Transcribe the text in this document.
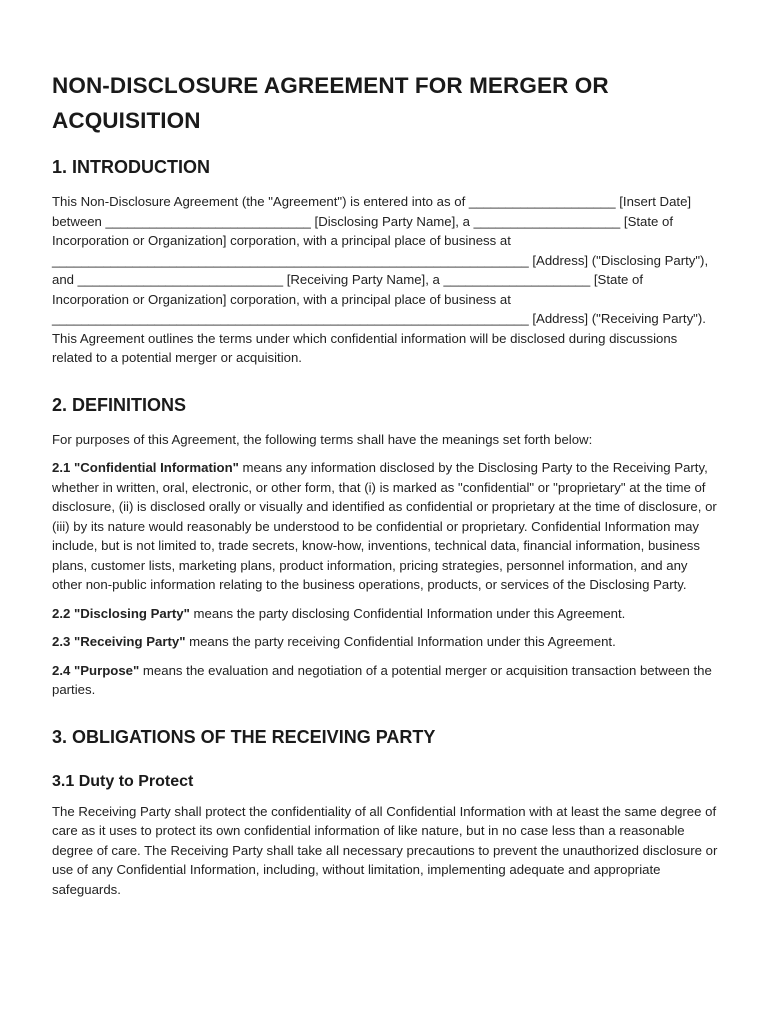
NON-DISCLOSURE AGREEMENT FOR MERGER OR ACQUISITION
1. INTRODUCTION

This Non-Disclosure Agreement (the "Agreement") is entered into as of ____________________ [Insert Date] between ____________________________ [Disclosing Party Name], a ____________________ [State of Incorporation or Organization] corporation, with a principal place of business at _________________________________________________________________ [Address] ("Disclosing Party"), and ____________________________ [Receiving Party Name], a ____________________ [State of Incorporation or Organization] corporation, with a principal place of business at _________________________________________________________________ [Address] ("Receiving Party"). This Agreement outlines the terms under which confidential information will be disclosed during discussions related to a potential merger or acquisition.

2. DEFINITIONS

For purposes of this Agreement, the following terms shall have the meanings set forth below:

2.1 "Confidential Information" means any information disclosed by the Disclosing Party to the Receiving Party, whether in written, oral, electronic, or other form, that (i) is marked as "confidential" or "proprietary" at the time of disclosure, (ii) is disclosed orally or visually and identified as confidential or proprietary at the time of disclosure, or (iii) by its nature would reasonably be understood to be confidential or proprietary. Confidential Information may include, but is not limited to, trade secrets, know-how, inventions, technical data, financial information, business plans, customer lists, marketing plans, product information, pricing strategies, personnel information, and any other non-public information relating to the business operations, products, or services of the Disclosing Party.

2.2 "Disclosing Party" means the party disclosing Confidential Information under this Agreement.

2.3 "Receiving Party" means the party receiving Confidential Information under this Agreement.

2.4 "Purpose" means the evaluation and negotiation of a potential merger or acquisition transaction between the parties.

3. OBLIGATIONS OF THE RECEIVING PARTY
3.1 Duty to Protect

The Receiving Party shall protect the confidentiality of all Confidential Information with at least the same degree of care as it uses to protect its own confidential information of like nature, but in no case less than a reasonable degree of care. The Receiving Party shall take all necessary precautions to prevent the unauthorized disclosure or use of any Confidential Information, including, without limitation, implementing adequate and appropriate safeguards.
